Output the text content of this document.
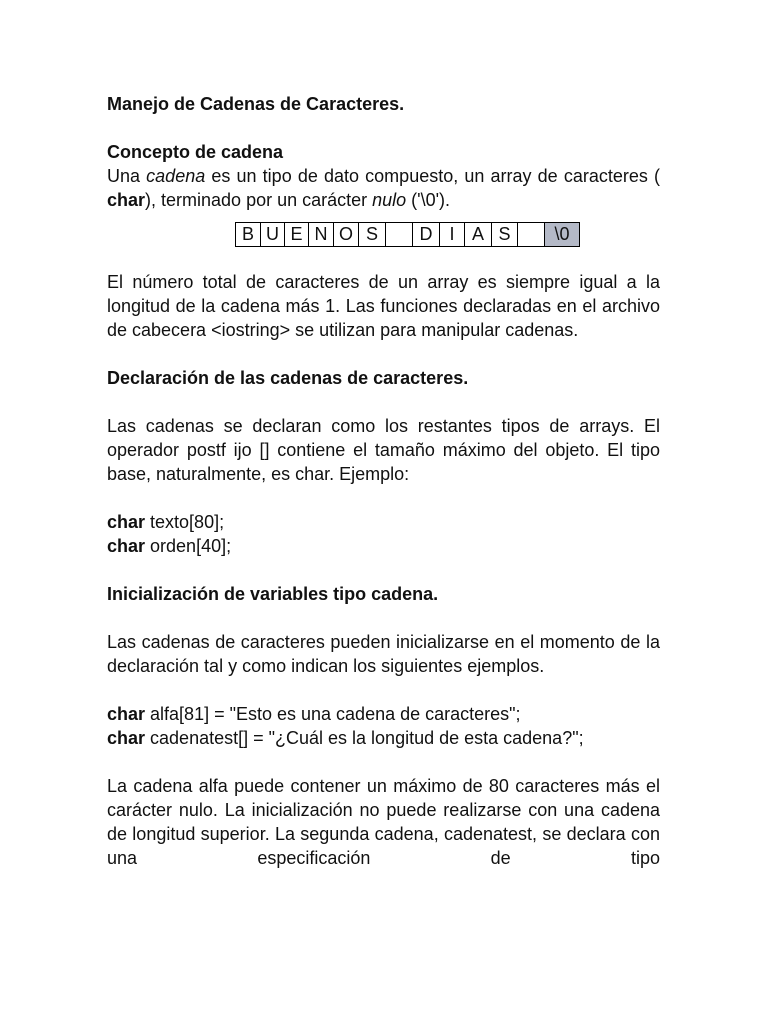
Manejo de Cadenas de Caracteres.

Concepto de cadena

Una cadena es un tipo de dato compuesto, un array de caracteres ( char), terminado por un carácter nulo ('\0').

B	U	E	N	O	S		D	I	A	S		\0

El número total de caracteres de un array es siempre igual a la longitud de la cadena más 1. Las funciones declaradas en el archivo de cabecera <iostring> se utilizan para manipular cadenas.

Declaración de las cadenas de caracteres.

Las cadenas se declaran como los restantes tipos de arrays. El operador postf ijo [] contiene el tamaño máximo del objeto. El tipo base, naturalmente, es char. Ejemplo:

char texto[80];
char orden[40];

Inicialización de variables tipo cadena.

Las cadenas de caracteres pueden inicializarse en el momento de la declaración tal y como indican los siguientes ejemplos.

char alfa[81] = "Esto es una cadena de caracteres";
char cadenatest[] = "¿Cuál es la longitud de esta cadena?";

La cadena alfa puede contener un máximo de 80 caracteres más el carácter nulo. La inicialización no puede realizarse con una cadena de longitud superior. La segunda cadena, cadenatest, se declara con una especificación de tipo
